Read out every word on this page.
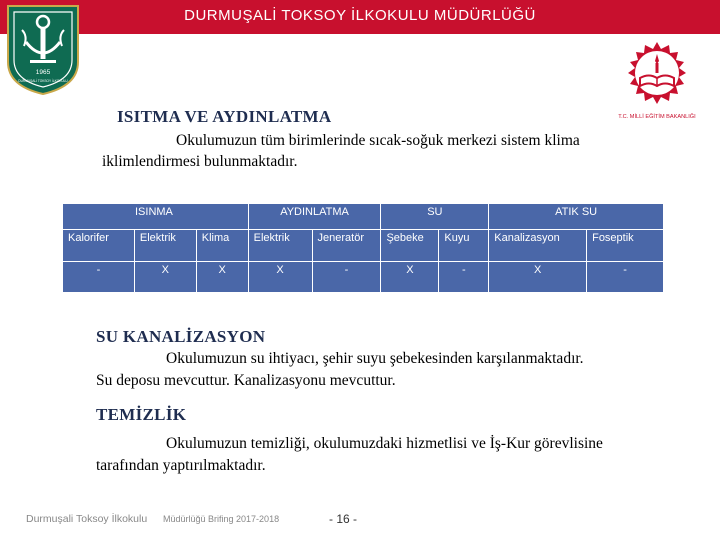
DURMUŞALİ TOKSOY İLKOKULU MÜDÜRLÜĞÜ
1965
DURMUŞALİ TOKSOY İLKOKULU
T.C. MİLLİ EĞİTİM BAKANLIĞI
ISITMA VE AYDINLATMA
Okulumuzun tüm birimlerinde sıcak-soğuk merkezi sistem klima
iklimlendirmesi bulunmaktadır.
ISINMA			AYDINLATMA		SU		ATIK SU	
Kalorifer	Elektrik	Klima	Elektrik	Jeneratör	Şebeke	Kuyu	Kanalizasyon	Foseptik
-	X	X	X	-	X	-	X	-
SU KANALİZASYON
Okulumuzun su ihtiyacı, şehir suyu şebekesinden karşılanmaktadır.
Su deposu mevcuttur. Kanalizasyonu mevcuttur.
TEMİZLİK
Okulumuzun temizliği, okulumuzdaki hizmetlisi ve İş-Kur görevlisine
tarafından yaptırılmaktadır.
Durmuşali Toksoy İlkokulu Müdürlüğü Brifing 2017-2018	- 16 -
